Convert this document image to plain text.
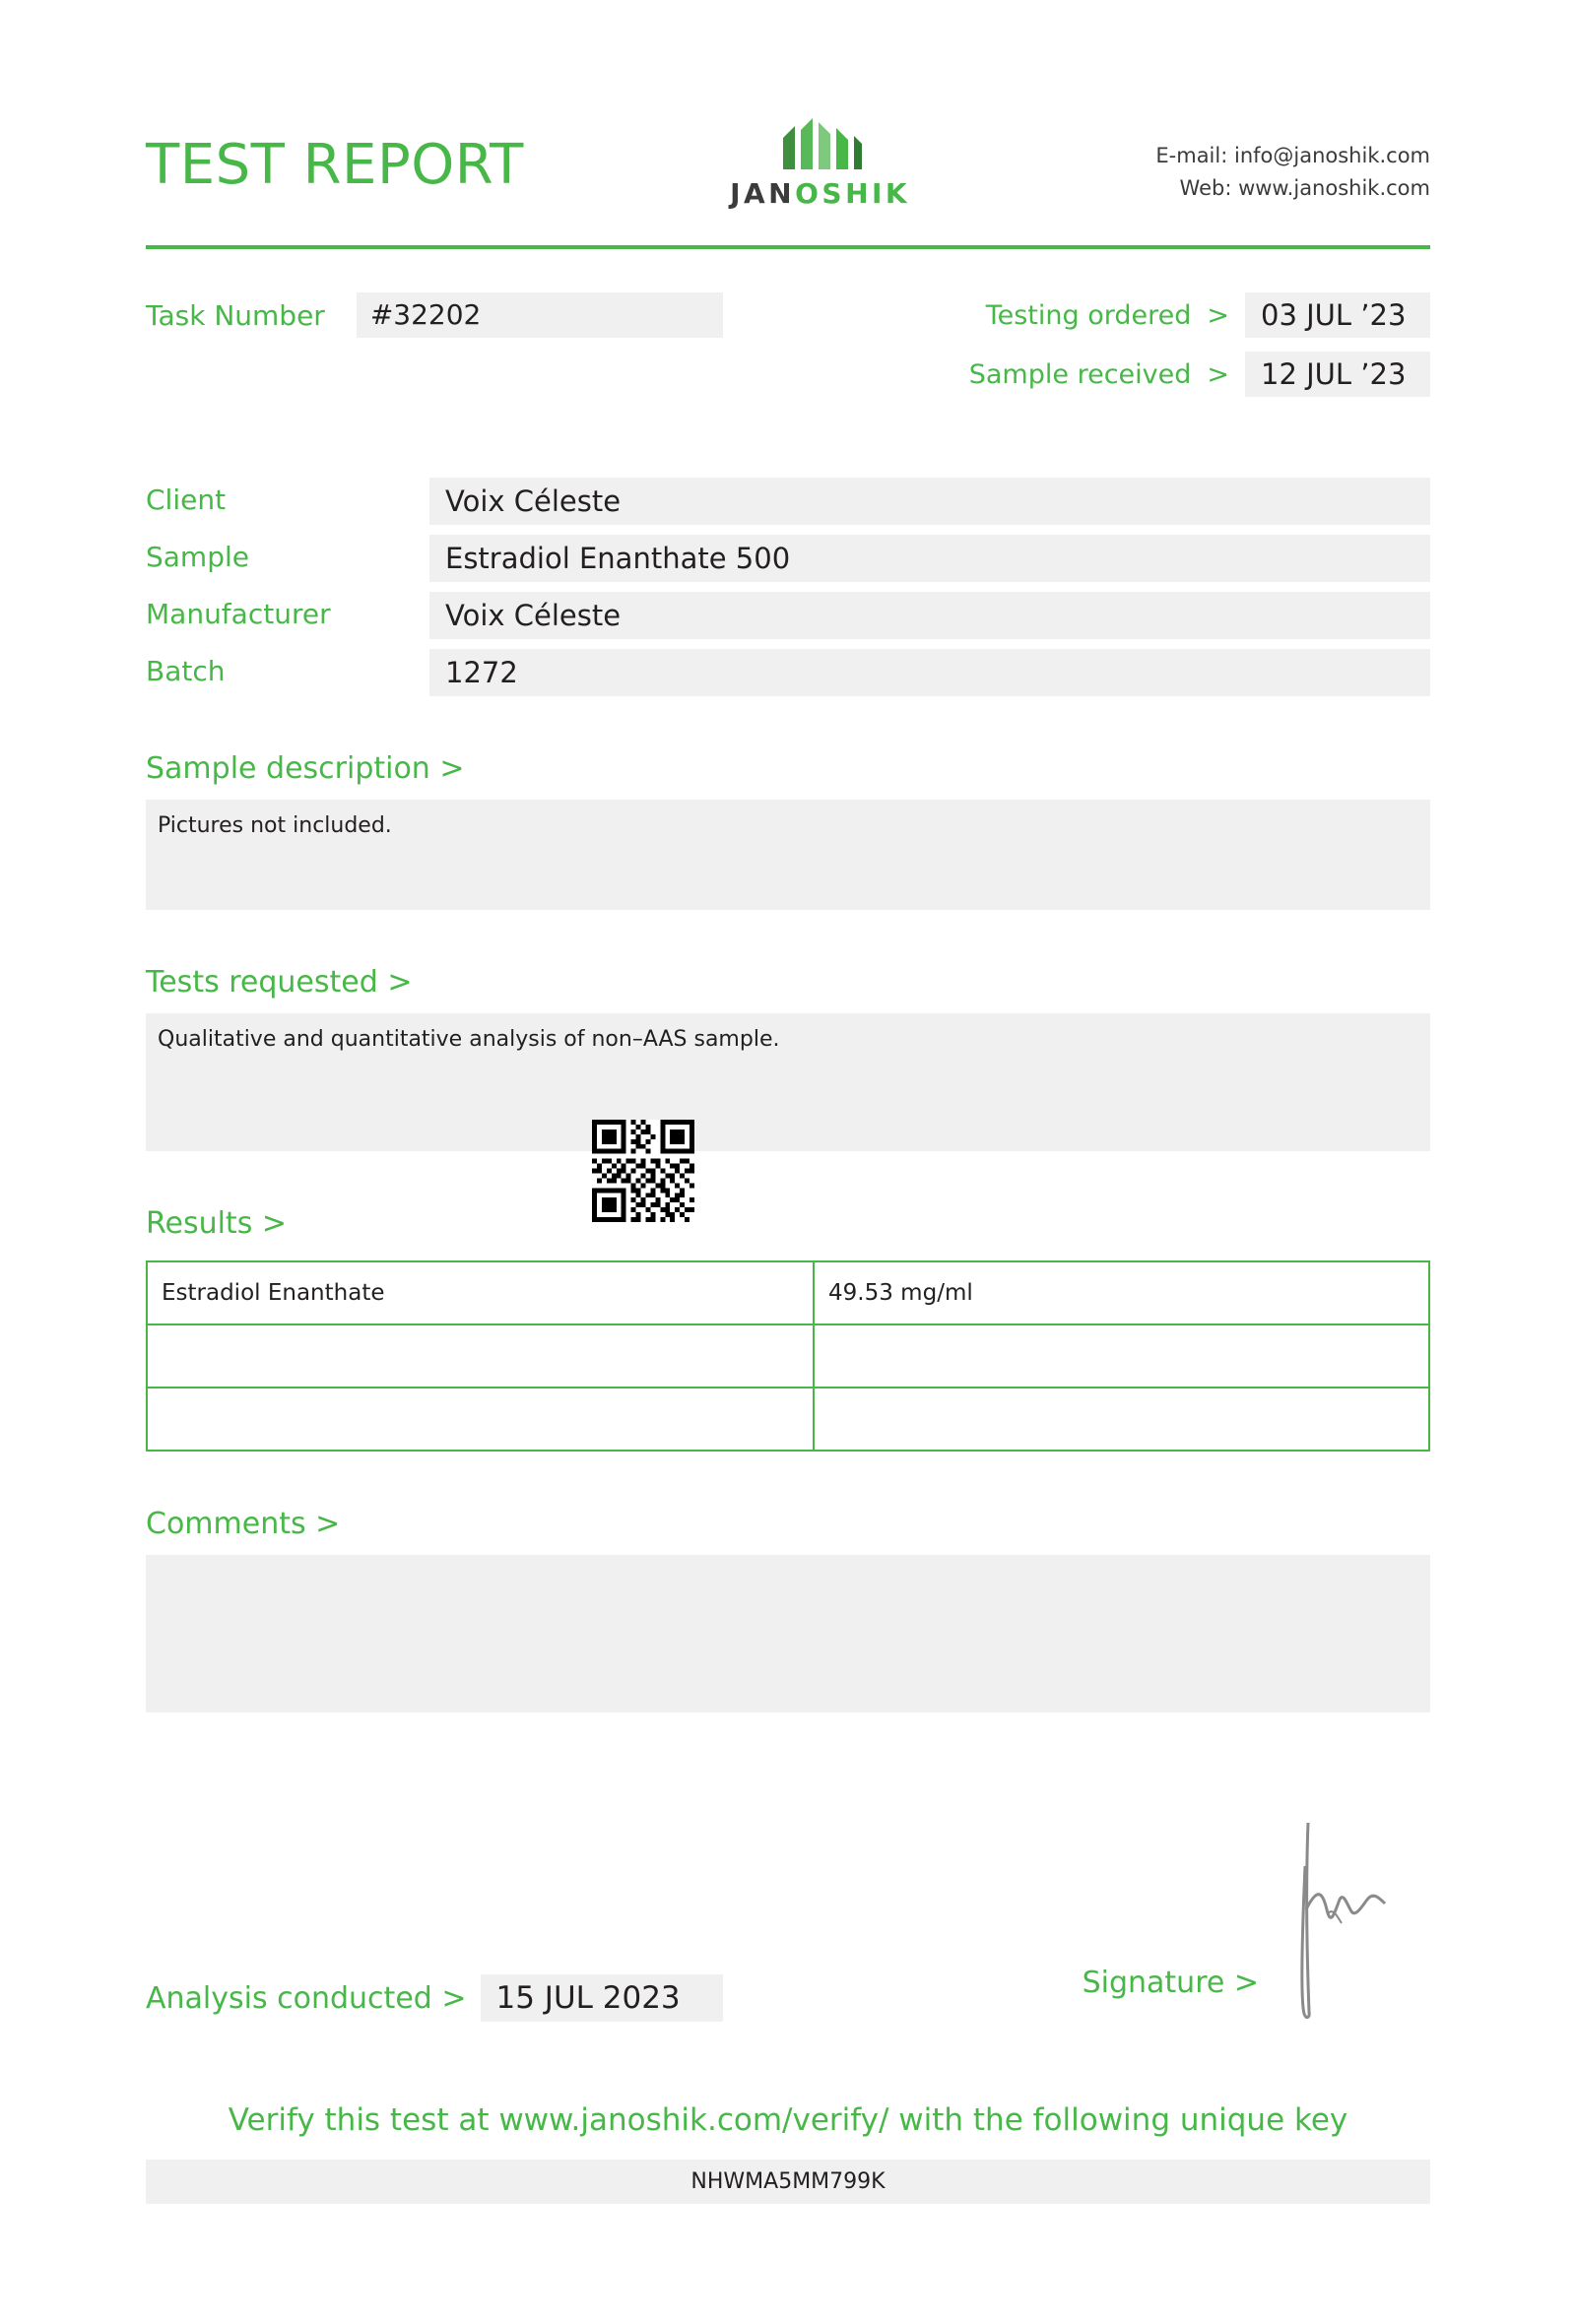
TEST REPORT	JANOSHIK
E-mail: info@janoshik.com
Web: www.janoshik.com
Task Number	#32202	Testing ordered >	03 JUL ’23
Sample received >	12 JUL ’23
Client	Voix Céleste
Sample	Estradiol Enanthate 500
Manufacturer	Voix Céleste
Batch	1272
Sample description >
Pictures not included.
Tests requested >
Qualitative and quantitative analysis of non–AAS sample.
Results >
Estradiol Enanthate	49.53 mg/ml

Comments >
Analysis conducted > 15 JUL 2023	Signature >
Verify this test at www.janoshik.com/verify/ with the following unique key
NHWMA5MM799K
